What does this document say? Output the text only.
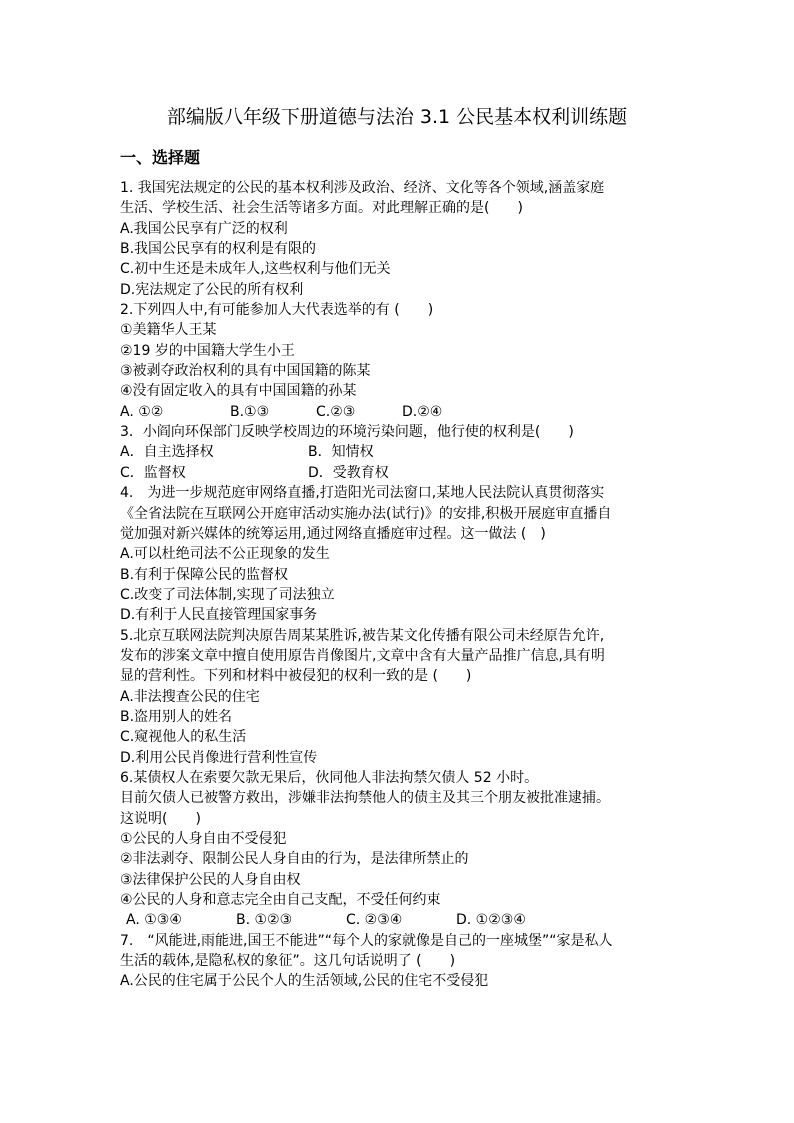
部编版八年级下册道德与法治 3.1 公民基本权利训练题
一、选择题
1. 我国宪法规定的公民的基本权利涉及政治、经济、文化等各个领域,涵盖家庭
生活、学校生活、社会生活等诸多方面。对此理解正确的是(　　)
A.我国公民享有广泛的权利
B.我国公民享有的权利是有限的
C.初中生还是未成年人,这些权利与他们无关
D.宪法规定了公民的所有权利
2.下列四人中,有可能参加人大代表选举的有 (　　)
①美籍华人王某
②19 岁的中国籍大学生小王
③被剥夺政治权利的具有中国国籍的陈某
④没有固定收入的具有中国国籍的孙某
A. ①②	B.①③	C.②③	D.②④
3．小阎向环保部门反映学校周边的环境污染问题，他行使的权利是(　　)
A．自主选择权	B．知情权
C．监督权	D．受教育权
4.　为进一步规范庭审网络直播,打造阳光司法窗口,某地人民法院认真贯彻落实
《全省法院在互联网公开庭审活动实施办法(试行)》的安排,积极开展庭审直播自
觉加强对新兴媒体的统筹运用,通过网络直播庭审过程。这一做法 (　)
A.可以杜绝司法不公正现象的发生
B.有利于保障公民的监督权
C.改变了司法体制,实现了司法独立
D.有利于人民直接管理国家事务
5.北京互联网法院判决原告周某某胜诉,被告某文化传播有限公司未经原告允许,
发布的涉案文章中擅自使用原告肖像图片,文章中含有大量产品推广信息,具有明
显的营利性。下列和材料中被侵犯的权利一致的是 (　　)
A.非法搜查公民的住宅
B.盗用别人的姓名
C.窥视他人的私生活
D.利用公民肖像进行营利性宣传
6.某债权人在索要欠款无果后，伙同他人非法拘禁欠债人 52 小时。
目前欠债人已被警方救出，涉嫌非法拘禁他人的债主及其三个朋友被批准逮捕。
这说明(　　)
①公民的人身自由不受侵犯
②非法剥夺、限制公民人身自由的行为，是法律所禁止的
③法律保护公民的人身自由权
④公民的人身和意志完全由自己支配，不受任何约束
A. ①③④	B. ①②③	C. ②③④	D. ①②③④
7.　“风能进,雨能进,国王不能进”“每个人的家就像是自己的一座城堡”“家是私人
生活的载体,是隐私权的象征”。这几句话说明了 (　　)
A.公民的住宅属于公民个人的生活领域,公民的住宅不受侵犯
